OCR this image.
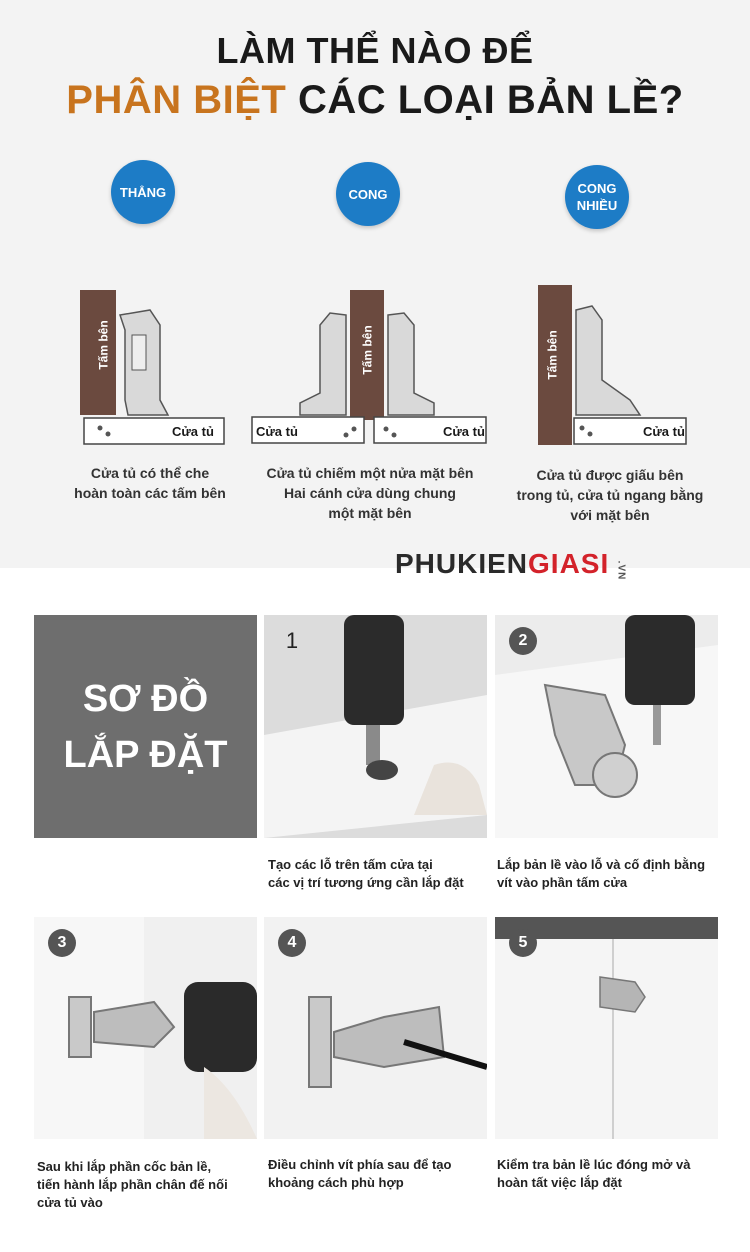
LÀM THỂ NÀO ĐỂ
PHÂN BIỆT CÁC LOẠI BẢN LỀ?
THẲNG	CONG	CONG
NHIỀU
Tấm bên
Cửa tủ
Tấm bên
Cửa tủ	Cửa tủ
Tấm bên
Cửa tủ
Cửa tủ có thể che
hoàn toàn các tấm bên
Cửa tủ chiếm một nửa mặt bên
Hai cánh cửa dùng chung
một mặt bên
Cửa tủ được giấu bên
trong tủ, cửa tủ ngang bằng
với mặt bên
PHUKIENGIASI .VN
SƠ ĐỒ
LẮP ĐẶT
1	2
Tạo các lỗ trên tấm cửa tại
các vị trí tương ứng cần lắp đặt
Lắp bản lề vào lỗ và cố định bằng
vít vào phần tấm cửa
3	4	5
Sau khi lắp phần cốc bản lề,
tiến hành lắp phần chân đế nối
cửa tủ vào
Điều chỉnh vít phía sau để tạo
khoảng cách phù hợp
Kiểm tra bản lề lúc đóng mở và
hoàn tất việc lắp đặt
